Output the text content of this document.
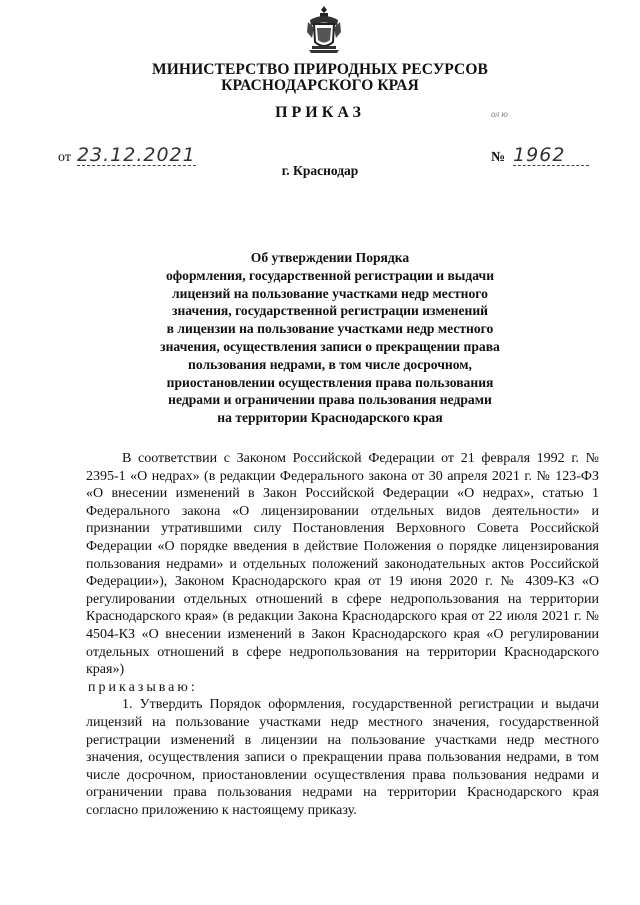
МИНИСТЕРСТВО ПРИРОДНЫХ РЕСУРСОВ
КРАСНОДАРСКОГО КРАЯ
ПРИКАЗ	ол ю
от 23.12.2021	№ 1962
г. Краснодар
Об утверждении Порядка
оформления, государственной регистрации и выдачи
лицензий на пользование участками недр местного
значения, государственной регистрации изменений
в лицензии на пользование участками недр местного
значения, осуществления записи о прекращении права
пользования недрами, в том числе досрочном,
приостановлении осуществления права пользования
недрами и ограничении права пользования недрами
на территории Краснодарского края

В соответствии с Законом Российской Федерации от 21 февраля 1992 г. № 2395-1 «О недрах» (в редакции Федерального закона от 30 апреля 2021 г. № 123-ФЗ «О внесении изменений в Закон Российской Федерации «О недрах», статью 1 Федерального закона «О лицензировании отдельных видов деятельности» и признании утратившими силу Постановления Верховного Совета Российской Федерации «О порядке введения в действие Положения о порядке лицензирования пользования недрами» и отдельных положений законодательных актов Российской Федерации»), Законом Краснодарского края от 19 июня 2020 г. № 4309-КЗ «О регулировании отдельных отношений в сфере недропользования на территории Краснодарского края» (в редакции Закона Краснодарского края от 22 июля 2021 г. № 4504-КЗ «О внесении изменений в Закон Краснодарского края «О регулировании отдельных отношений в сфере недропользования на территории Краснодарского края»)

приказываю:

1. Утвердить Порядок оформления, государственной регистрации и выдачи лицензий на пользование участками недр местного значения, государственной регистрации изменений в лицензии на пользование участками недр местного значения, осуществления записи о прекращении права пользования недрами, в том числе досрочном, приостановлении осуществления права пользования недрами и ограничении права пользования недрами на территории Краснодарского края согласно приложению к настоящему приказу.
